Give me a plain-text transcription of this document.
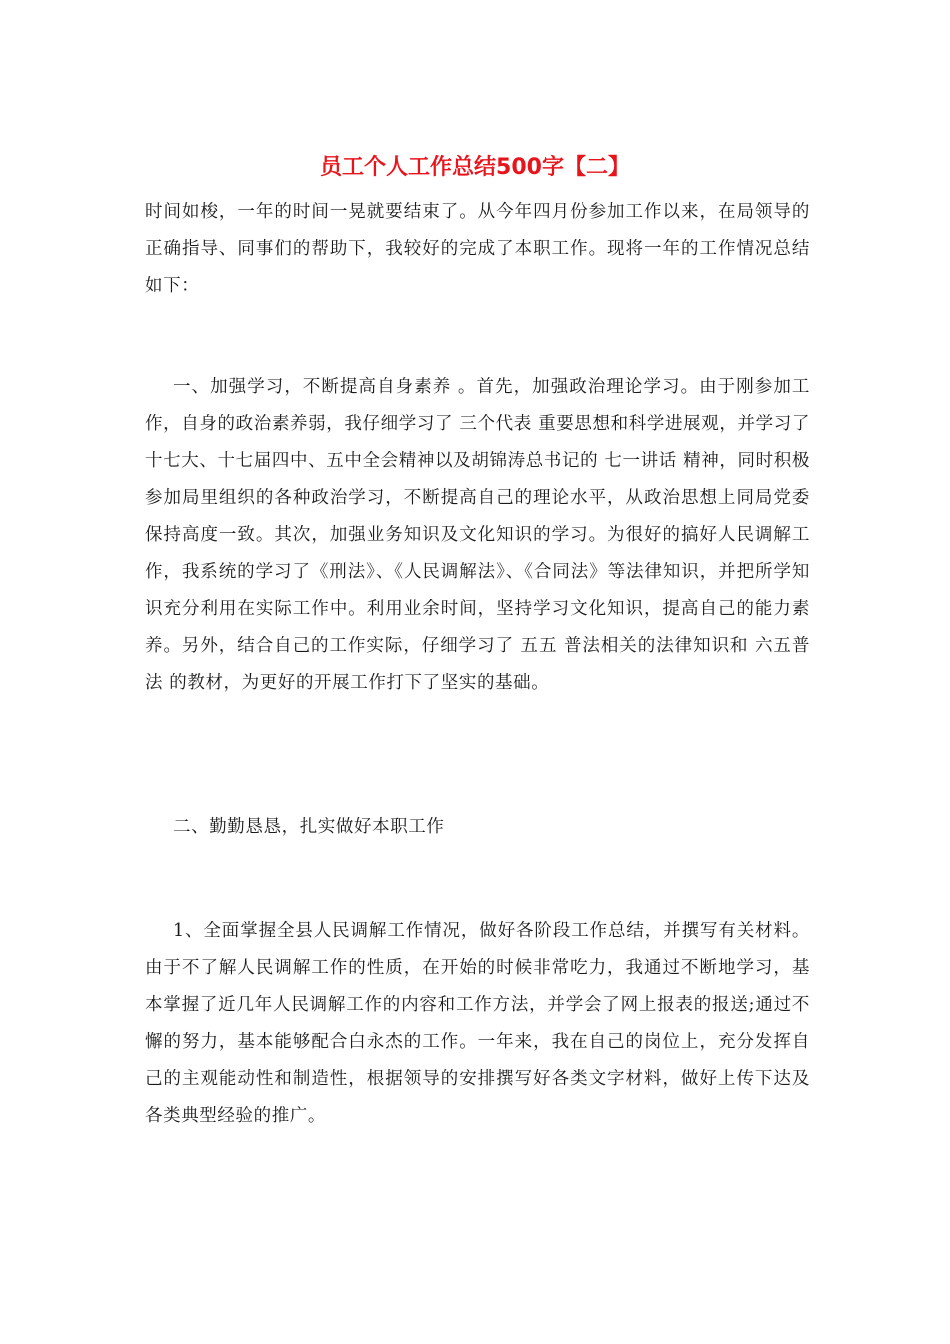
员工个人工作总结500字【二】

时间如梭，一年的时间一晃就要结束了。从今年四月份参加工作以来，在局领导的正确指导、同事们的帮助下，我较好的完成了本职工作。现将一年的工作情况总结如下：

一、加强学习，不断提高自身素养 。首先，加强政治理论学习。由于刚参加工作，自身的政治素养弱，我仔细学习了 三个代表 重要思想和科学进展观，并学习了十七大、十七届四中、五中全会精神以及胡锦涛总书记的 七一讲话 精神，同时积极参加局里组织的各种政治学习，不断提高自己的理论水平，从政治思想上同局党委保持高度一致。其次，加强业务知识及文化知识的学习。为很好的搞好人民调解工作，我系统的学习了《刑法》、《人民调解法》、《合同法》等法律知识，并把所学知识充分利用在实际工作中。利用业余时间，坚持学习文化知识，提高自己的能力素养。另外，结合自己的工作实际，仔细学习了 五五 普法相关的法律知识和 六五普法 的教材，为更好的开展工作打下了坚实的基础。

二、勤勤恳恳，扎实做好本职工作

1、全面掌握全县人民调解工作情况，做好各阶段工作总结，并撰写有关材料。由于不了解人民调解工作的性质，在开始的时候非常吃力，我通过不断地学习，基本掌握了近几年人民调解工作的内容和工作方法，并学会了网上报表的报送;通过不懈的努力，基本能够配合白永杰的工作。一年来，我在自己的岗位上，充分发挥自己的主观能动性和制造性，根据领导的安排撰写好各类文字材料，做好上传下达及各类典型经验的推广。
